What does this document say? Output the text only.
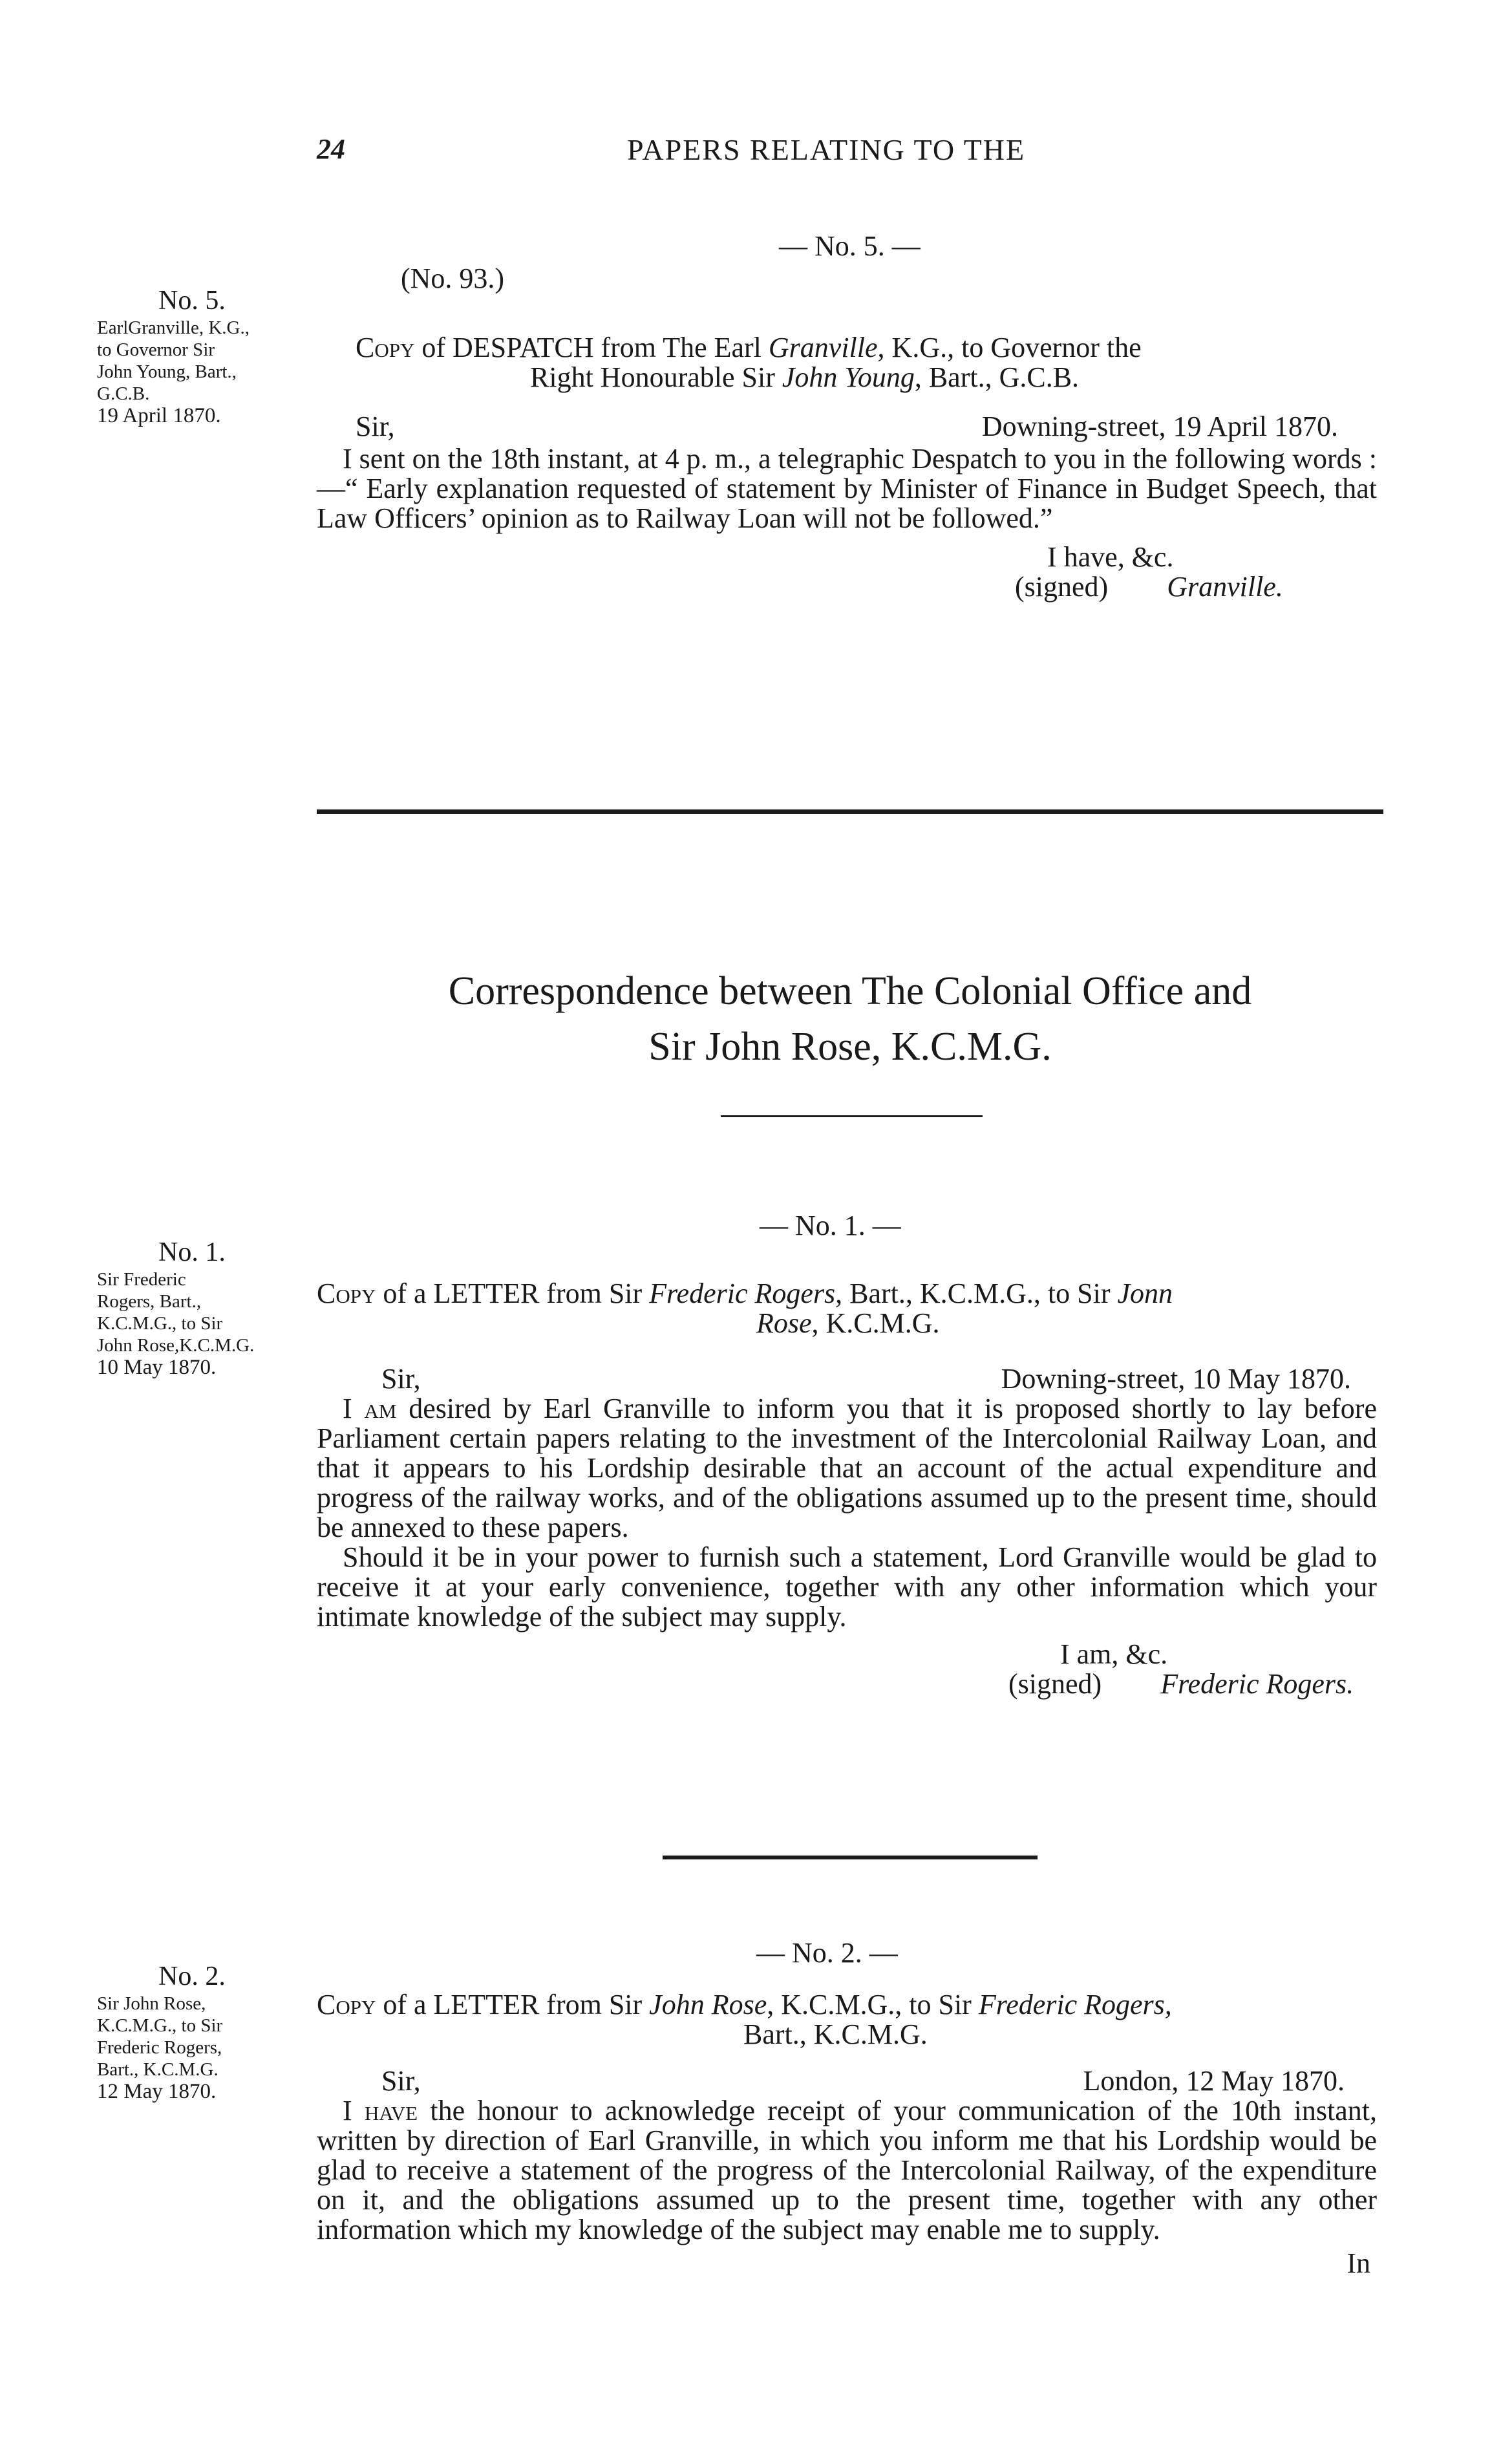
24	PAPERS RELATING TO THE
— No. 5. —
(No. 93.)
No. 5.
EarlGranville, K.G.,
to Governor Sir
John Young, Bart.,
G.C.B.
19 April 1870.
Copy of DESPATCH from The Earl Granville, K.G., to Governor the
Right Honourable Sir John Young, Bart., G.C.B.
Sir,	Downing-street, 19 April 1870.

I sent on the 18th instant, at 4 p. m., a telegraphic Despatch to you in the following words :—“ Early explanation requested of statement by Minister of Finance in Budget Speech, that Law Officers’ opinion as to Railway Loan will not be followed.”

I have, &c.
(signed) Granville.
Correspondence between The Colonial Office and
Sir John Rose, K.C.M.G.
— No. 1. —
No. 1.
Sir Frederic
Rogers, Bart.,
K.C.M.G., to Sir
John Rose,K.C.M.G.
10 May 1870.
Copy of a LETTER from Sir Frederic Rogers, Bart., K.C.M.G., to Sir Jonn
Rose, K.C.M.G.
Sir,	Downing-street, 10 May 1870.

I am desired by Earl Granville to inform you that it is proposed shortly to lay before Parliament certain papers relating to the investment of the Intercolonial Railway Loan, and that it appears to his Lordship desirable that an account of the actual expenditure and progress of the railway works, and of the obligations assumed up to the present time, should be annexed to these papers.

Should it be in your power to furnish such a statement, Lord Granville would be glad to receive it at your early convenience, together with any other information which your intimate knowledge of the subject may supply.

I am, &c.
(signed) Frederic Rogers.
— No. 2. —
No. 2.
Sir John Rose,
K.C.M.G., to Sir
Frederic Rogers,
Bart., K.C.M.G.
12 May 1870.
Copy of a LETTER from Sir John Rose, K.C.M.G., to Sir Frederic Rogers,
Bart., K.C.M.G.
Sir,	London, 12 May 1870.

I have the honour to acknowledge receipt of your communication of the 10th instant, written by direction of Earl Granville, in which you inform me that his Lordship would be glad to receive a statement of the progress of the Intercolonial Railway, of the expenditure on it, and the obligations assumed up to the present time, together with any other information which my knowledge of the subject may enable me to supply.

In
